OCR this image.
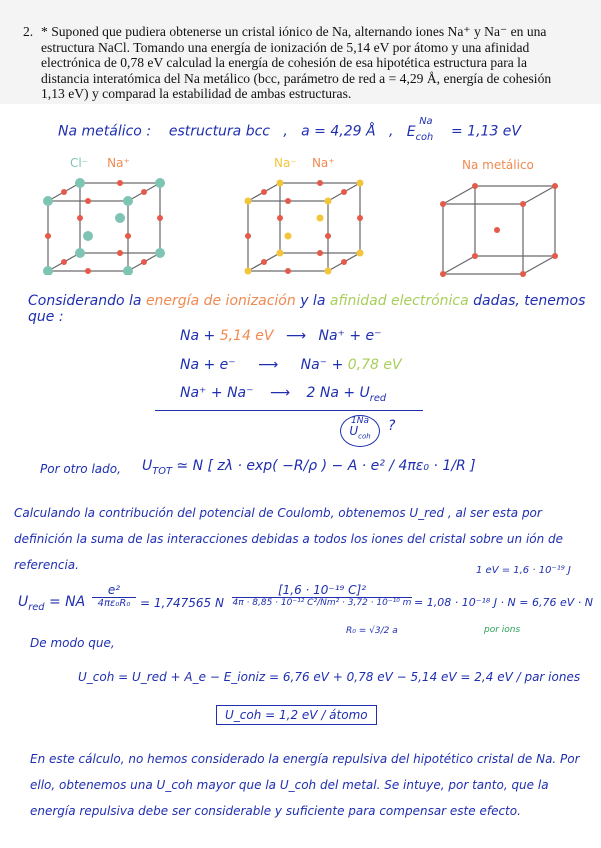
2. * Suponed que pudiera obtenerse un cristal iónico de Na, alternando iones Na⁺ y Na⁻ en una estructura NaCl. Tomando una energía de ionización de 5,14 eV por átomo y una afinidad electrónica de 0,78 eV calculad la energía de cohesión de esa hipotética estructura para la distancia interatómica del Na metálico (bcc, parámetro de red a = 4,29 Å, energía de cohesión 1,13 eV) y comparad la estabilidad de ambas estructuras.
Na metálico : estructura bcc   ,   a = 4,29 Å , $E_{coh}^{Na} = 1,13$ eV
Cl⁻ Na⁺	Na⁻ Na⁺	Na metálico
Considerando la energía de ionización y la afinidad electrónica dadas, tenemos que :
Na + 5,14 eV ⟶ Na⁺ + e⁻
Na + e⁻ ⟶ Na⁻ + 0,78 eV
Na⁺ + Na⁻ ⟶ 2 $Na + U_{red}$
1Na
$U_{coh}$
?
Por otro lado, $U_{TOT}$ ≃ N [ zλ · exp( −R/ρ ) − A · e² / 4πε₀ · 1/R ]
Calculando la contribución del potencial de Coulomb, obtenemos U_red , al ser esta por definición la suma de las interacciones debidas a todos los iones del cristal sobre un ión de referencia.	1 eV = 1,6 · 10⁻¹⁹ J
por ions
$U_{red}$ = NA
e²
4πε₀R₀ = 1,747565 N
[1,6 · 10⁻¹⁹ C]²
4π · 8,85 · 10⁻¹² C²/Nm² · 3,72 · 10⁻¹⁰ m
R₀ = √3/2 a
= 1,08 · 10⁻¹⁸ J · N = 6,76 eV · N
De modo que,
U_coh = U_red + A_e − E_ioniz = 6,76 eV + 0,78 eV − 5,14 eV = 2,4 eV / par iones
U_coh = 1,2 eV / átomo
En este cálculo, no hemos considerado la energía repulsiva del hipotético cristal de Na. Por ello, obtenemos una U_coh mayor que la U_coh del metal. Se intuye, por tanto, que la energía repulsiva debe ser considerable y suficiente para compensar este efecto.
